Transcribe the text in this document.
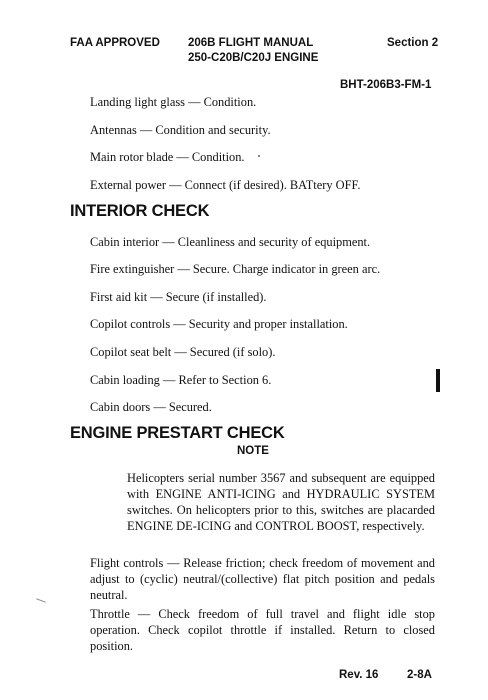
FAA APPROVED 206B FLIGHT MANUAL
250-C20B/C20J ENGINE
Section 2
BHT-206B3-FM-1
Landing light glass — Condition.
Antennas — Condition and security.
Main rotor blade — Condition.
External power — Connect (if desired). BATtery OFF.
INTERIOR CHECK
Cabin interior — Cleanliness and security of equipment.
Fire extinguisher — Secure. Charge indicator in green arc.
First aid kit — Secure (if installed).
Copilot controls — Security and proper installation.
Copilot seat belt — Secured (if solo).
Cabin loading — Refer to Section 6.
Cabin doors — Secured.
ENGINE PRESTART CHECK
NOTE
Helicopters serial number 3567 and subsequent are equipped with ENGINE ANTI-ICING and HYDRAULIC SYSTEM switches. On helicopters prior to this, switches are placarded ENGINE DE-ICING and CONTROL BOOST, respectively.
Flight controls — Release friction; check freedom of movement and adjust to (cyclic) neutral/(collective) flat pitch position and pedals neutral.
Throttle — Check freedom of full travel and flight idle stop operation. Check copilot throttle if installed. Return to closed position.
Rev. 16 2-8A
